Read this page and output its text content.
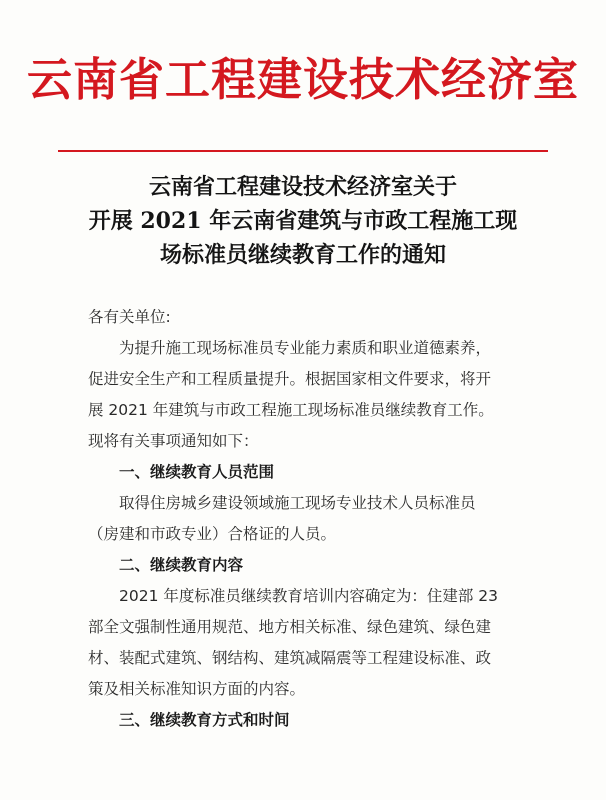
云南省工程建设技术经济室
云南省工程建设技术经济室关于
开展 2021 年云南省建筑与市政工程施工现
场标准员继续教育工作的通知

各有关单位:

为提升施工现场标准员专业能力素质和职业道德素养，

促进安全生产和工程质量提升。根据国家相文件要求，将开

展 2021 年建筑与市政工程施工现场标准员继续教育工作。

现将有关事项通知如下：

一、继续教育人员范围

取得住房城乡建设领域施工现场专业技术人员标准员

（房建和市政专业）合格证的人员。

二、继续教育内容

2021 年度标准员继续教育培训内容确定为：住建部 23

部全文强制性通用规范、地方相关标准、绿色建筑、绿色建

材、装配式建筑、钢结构、建筑减隔震等工程建设标准、政

策及相关标准知识方面的内容。

三、继续教育方式和时间
